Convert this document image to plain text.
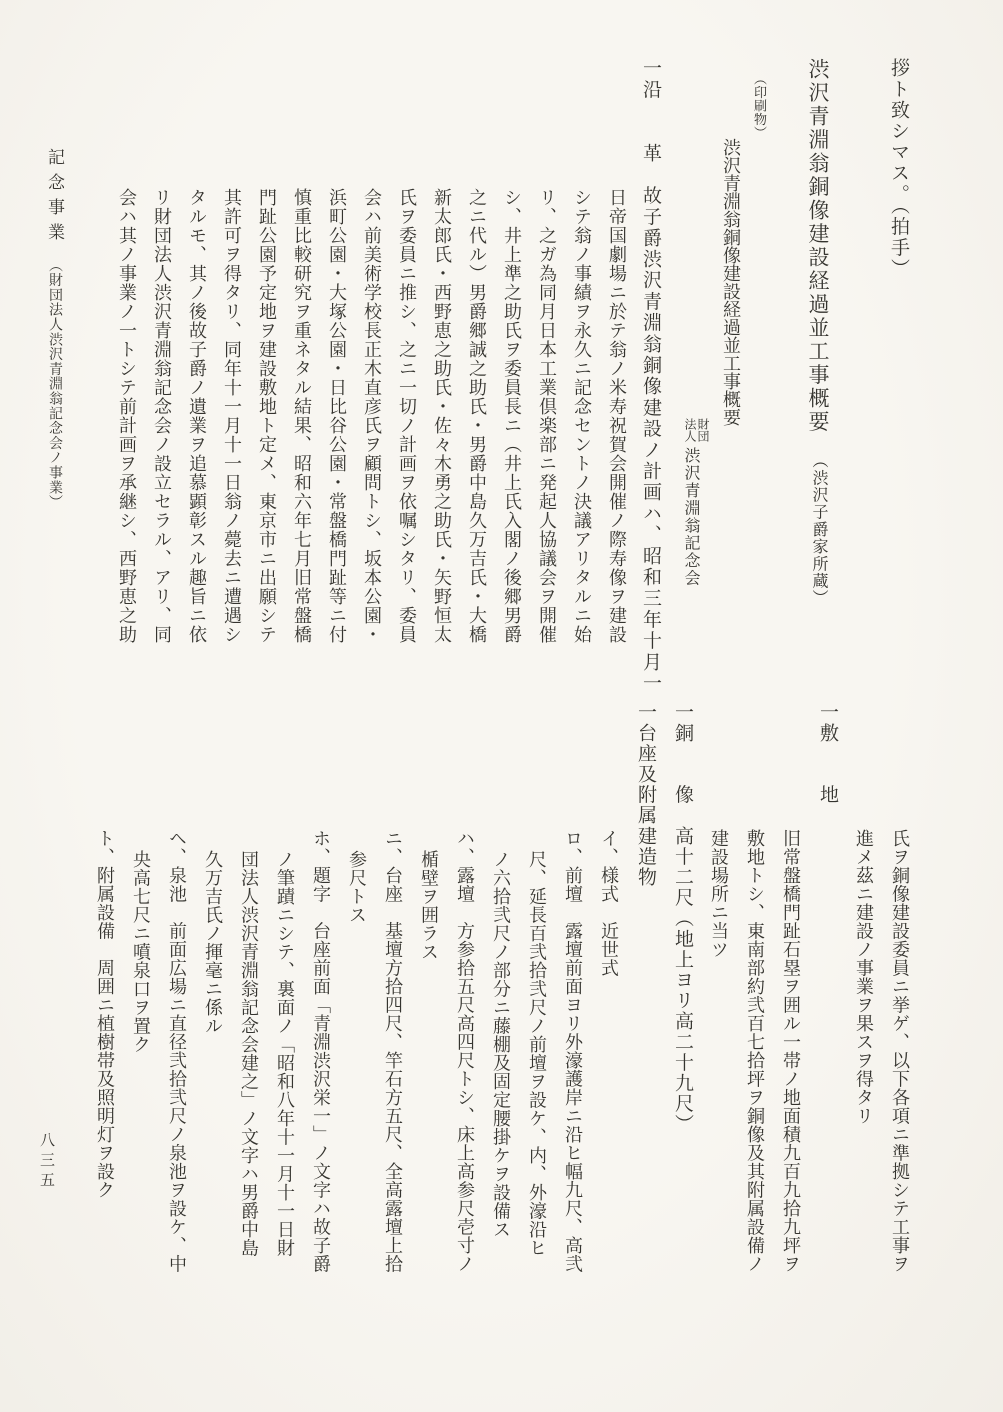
拶ト致シマス。（拍手）
渋沢青淵翁銅像建設経過並工事概要（渋沢子爵家所蔵）
（印刷物）
渋沢青淵翁銅像建設経過並工事概要
財団
法人
渋沢青淵翁記念会
一沿　　革　故子爵渋沢青淵翁銅像建設ノ計画ハ、昭和三年十月一
日帝国劇場ニ於テ翁ノ米寿祝賀会開催ノ際寿像ヲ建設
シテ翁ノ事績ヲ永久ニ記念セントノ決議アリタルニ始
リ、之ガ為同月日本工業倶楽部ニ発起人協議会ヲ開催
シ、井上準之助氏ヲ委員長ニ（井上氏入閣ノ後郷男爵
之ニ代ル）男爵郷誠之助氏・男爵中島久万吉氏・大橋
新太郎氏・西野恵之助氏・佐々木勇之助氏・矢野恒太
氏ヲ委員ニ推シ、之ニ一切ノ計画ヲ依嘱シタリ、委員
会ハ前美術学校長正木直彦氏ヲ顧問トシ、坂本公園・
浜町公園・大塚公園・日比谷公園・常盤橋門趾等ニ付
慎重比較研究ヲ重ネタル結果、昭和六年七月旧常盤橋
門趾公園予定地ヲ建設敷地ト定メ、東京市ニ出願シテ
其許可ヲ得タリ、同年十一月十一日翁ノ薨去ニ遭遇シ
タルモ、其ノ後故子爵ノ遺業ヲ追慕顕彰スル趣旨ニ依
リ財団法人渋沢青淵翁記念会ノ設立セラル、アリ、同
会ハ其ノ事業ノ一トシテ前計画ヲ承継シ、西野恵之助
氏ヲ銅像建設委員ニ挙ゲ、以下各項ニ準拠シテ工事ヲ
進メ茲ニ建設ノ事業ヲ果スヲ得タリ
一敷　　地
旧常盤橋門趾石塁ヲ囲ル一帯ノ地面積九百九拾九坪ヲ
敷地トシ、東南部約弐百七拾坪ヲ銅像及其附属設備ノ
建設場所ニ当ツ
一銅　　像　高十二尺（地上ヨリ高二十九尺）
一台座及附属建造物
イ、様式　近世式
ロ、前壇　露壇前面ヨリ外濠護岸ニ沿ヒ幅九尺、高弐
尺、延長百弐拾弐尺ノ前壇ヲ設ケ、内、外濠沿ヒ
ノ六拾弐尺ノ部分ニ藤棚及固定腰掛ケヲ設備ス
ハ、露壇　方参拾五尺高四尺トシ、床上高参尺壱寸ノ
楯壁ヲ囲ラス
ニ、台座　基壇方拾四尺、竿石方五尺、全高露壇上拾
参尺トス
ホ、題字　台座前面「青淵渋沢栄一」ノ文字ハ故子爵
ノ筆蹟ニシテ、裏面ノ「昭和八年十一月十一日財
団法人渋沢青淵翁記念会建之」ノ文字ハ男爵中島
久万吉氏ノ揮毫ニ係ル
ヘ、泉池　前面広場ニ直径弐拾弐尺ノ泉池ヲ設ケ、中
央高七尺ニ噴泉口ヲ置ク
ト、附属設備　周囲ニ植樹帯及照明灯ヲ設ク
記念事業（財団法人渋沢青淵翁記念会ノ事業）
八三五
